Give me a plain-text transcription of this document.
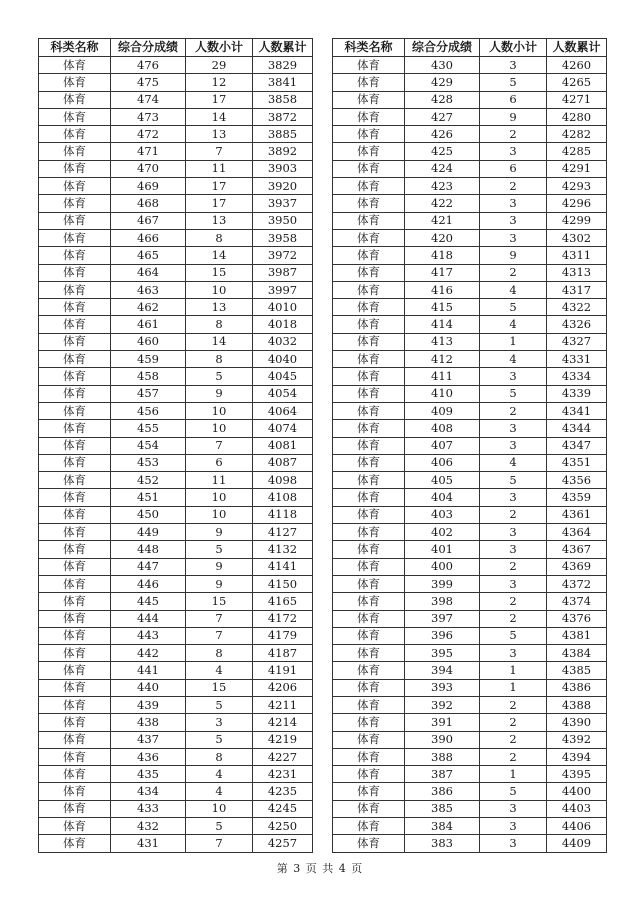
科类名称	综合分成绩	人数小计	人数累计
体育	476	29	3829
体育	475	12	3841
体育	474	17	3858
体育	473	14	3872
体育	472	13	3885
体育	471	7	3892
体育	470	11	3903
体育	469	17	3920
体育	468	17	3937
体育	467	13	3950
体育	466	8	3958
体育	465	14	3972
体育	464	15	3987
体育	463	10	3997
体育	462	13	4010
体育	461	8	4018
体育	460	14	4032
体育	459	8	4040
体育	458	5	4045
体育	457	9	4054
体育	456	10	4064
体育	455	10	4074
体育	454	7	4081
体育	453	6	4087
体育	452	11	4098
体育	451	10	4108
体育	450	10	4118
体育	449	9	4127
体育	448	5	4132
体育	447	9	4141
体育	446	9	4150
体育	445	15	4165
体育	444	7	4172
体育	443	7	4179
体育	442	8	4187
体育	441	4	4191
体育	440	15	4206
体育	439	5	4211
体育	438	3	4214
体育	437	5	4219
体育	436	8	4227
体育	435	4	4231
体育	434	4	4235
体育	433	10	4245
体育	432	5	4250
体育	431	7	4257
科类名称	综合分成绩	人数小计	人数累计
体育	430	3	4260
体育	429	5	4265
体育	428	6	4271
体育	427	9	4280
体育	426	2	4282
体育	425	3	4285
体育	424	6	4291
体育	423	2	4293
体育	422	3	4296
体育	421	3	4299
体育	420	3	4302
体育	418	9	4311
体育	417	2	4313
体育	416	4	4317
体育	415	5	4322
体育	414	4	4326
体育	413	1	4327
体育	412	4	4331
体育	411	3	4334
体育	410	5	4339
体育	409	2	4341
体育	408	3	4344
体育	407	3	4347
体育	406	4	4351
体育	405	5	4356
体育	404	3	4359
体育	403	2	4361
体育	402	3	4364
体育	401	3	4367
体育	400	2	4369
体育	399	3	4372
体育	398	2	4374
体育	397	2	4376
体育	396	5	4381
体育	395	3	4384
体育	394	1	4385
体育	393	1	4386
体育	392	2	4388
体育	391	2	4390
体育	390	2	4392
体育	388	2	4394
体育	387	1	4395
体育	386	5	4400
体育	385	3	4403
体育	384	3	4406
体育	383	3	4409
第 3 页 共 4 页
